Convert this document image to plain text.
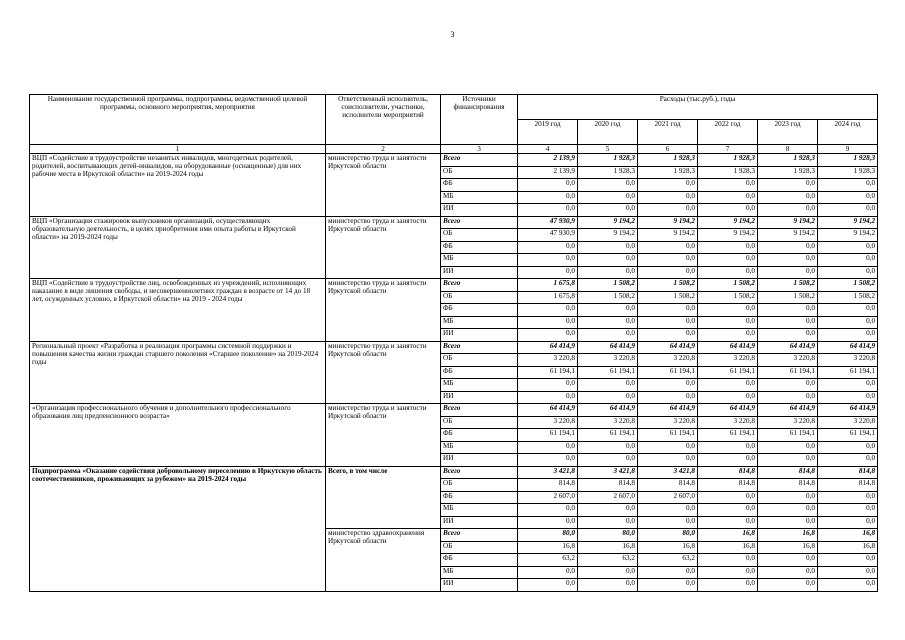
3
Наименование государственной программы, подпрограммы, ведомственной целевой программы, основного мероприятия, мероприятия	Ответственный исполнитель, соисполнители, участники, исполнители мероприятий	Источники финансирования	Расходы (тыс.руб.), годы					
			2019 год	2020 год	2021 год	2022 год	2023 год	2024 год
1	2	3	4	5	6	7	8	9
ВЦП «Содействие в трудоустройстве незанятых инвалидов, многодетных родителей, родителей, воспитывающих детей-инвалидов, на оборудованные (оснащенные) для них рабочие места в Иркутской области» на 2019-2024 годы	министерство труда и занятости Иркутской области	Всего	2 139,9	1 928,3	1 928,3	1 928,3	1 928,3	1 928,3
		ОБ	2 139,9	1 928,3	1 928,3	1 928,3	1 928,3	1 928,3
		ФБ	0,0	0,0	0,0	0,0	0,0	0,0
		МБ	0,0	0,0	0,0	0,0	0,0	0,0
		ИИ	0,0	0,0	0,0	0,0	0,0	0,0
ВЦП «Организация стажировок выпускников организаций, осуществляющих образовательную деятельность, в целях приобретения ими опыта работы в Иркутской области» на 2019-2024 годы	министерство труда и занятости Иркутской области	Всего	47 930,9	9 194,2	9 194,2	9 194,2	9 194,2	9 194,2
		ОБ	47 930,9	9 194,2	9 194,2	9 194,2	9 194,2	9 194,2
		ФБ	0,0	0,0	0,0	0,0	0,0	0,0
		МБ	0,0	0,0	0,0	0,0	0,0	0,0
		ИИ	0,0	0,0	0,0	0,0	0,0	0,0
ВЦП «Содействие в трудоустройстве лиц, освобожденных из учреждений, исполняющих наказание в виде лишения свободы, и несовершеннолетних граждан в возрасте от 14 до 18 лет, осужденных условно, в Иркутской области» на 2019 - 2024 годы	министерство труда и занятости Иркутской области	Всего	1 675,8	1 508,2	1 508,2	1 508,2	1 508,2	1 508,2
		ОБ	1 675,8	1 508,2	1 508,2	1 508,2	1 508,2	1 508,2
		ФБ	0,0	0,0	0,0	0,0	0,0	0,0
		МБ	0,0	0,0	0,0	0,0	0,0	0,0
		ИИ	0,0	0,0	0,0	0,0	0,0	0,0
Региональный проект «Разработка и реализация программы системной поддержки и повышения качества жизни граждан старшего поколения «Старшее поколение» на 2019-2024 годы	министерство труда и занятости Иркутской области	Всего	64 414,9	64 414,9	64 414,9	64 414,9	64 414,9	64 414,9
		ОБ	3 220,8	3 220,8	3 220,8	3 220,8	3 220,8	3 220,8
		ФБ	61 194,1	61 194,1	61 194,1	61 194,1	61 194,1	61 194,1
		МБ	0,0	0,0	0,0	0,0	0,0	0,0
		ИИ	0,0	0,0	0,0	0,0	0,0	0,0
«Организация профессионального обучения и дополнительного профессионального образования лиц предпенсионного возраста»	министерство труда и занятости Иркутской области	Всего	64 414,9	64 414,9	64 414,9	64 414,9	64 414,9	64 414,9
		ОБ	3 220,8	3 220,8	3 220,8	3 220,8	3 220,8	3 220,8
		ФБ	61 194,1	61 194,1	61 194,1	61 194,1	61 194,1	61 194,1
		МБ	0,0	0,0	0,0	0,0	0,0	0,0
		ИИ	0,0	0,0	0,0	0,0	0,0	0,0
Подпрограмма «Оказание содействия добровольному переселению в Иркутскую область соотечественников, проживающих за рубежом» на 2019-2024 годы	Всего, в том числе	Всего	3 421,8	3 421,8	3 421,8	814,8	814,8	814,8
		ОБ	814,8	814,8	814,8	814,8	814,8	814,8
		ФБ	2 607,0	2 607,0	2 607,0	0,0	0,0	0,0
		МБ	0,0	0,0	0,0	0,0	0,0	0,0
		ИИ	0,0	0,0	0,0	0,0	0,0	0,0
	министерство здравоохранения Иркутской области	Всего	80,0	80,0	80,0	16,8	16,8	16,8
		ОБ	16,8	16,8	16,8	16,8	16,8	16,8
		ФБ	63,2	63,2	63,2	0,0	0,0	0,0
		МБ	0,0	0,0	0,0	0,0	0,0	0,0
		ИИ	0,0	0,0	0,0	0,0	0,0	0,0
